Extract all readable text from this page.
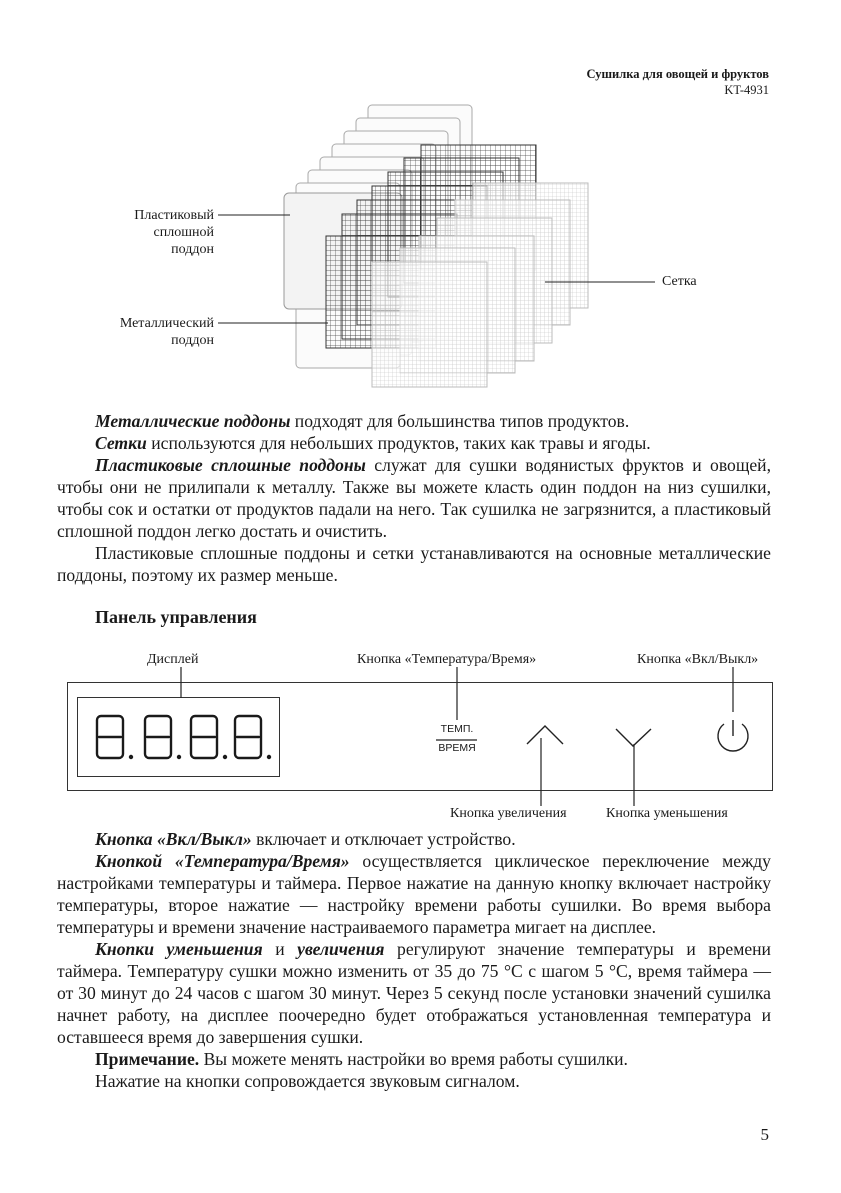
Сушилка для овощей и фруктов
KT-4931
Пластиковый
сплошной
поддон
Металлический
поддон
Сетка

Металлические поддоны подходят для большинства типов продуктов.

Сетки используются для небольших продуктов, таких как травы и ягоды.

Пластиковые сплошные поддоны служат для сушки водянистых фруктов и овощей, чтобы они не прилипали к металлу. Также вы можете класть один поддон на низ сушилки, чтобы сок и остатки от продуктов падали на него. Так сушилка не загрязнится, а пластиковый сплошной поддон легко достать и очистить.

Пластиковые сплошные поддоны и сетки устанавливаются на основные металлические поддоны, поэтому их размер меньше.

Панель управления
Дисплей	Кнопка «Температура/Время»	Кнопка «Вкл/Выкл»
Кнопка увеличения	Кнопка уменьшения
ТЕМП.
ВРЕМЯ

Кнопка «Вкл/Выкл» включает и отключает устройство.

Кнопкой «Температура/Время» осуществляется циклическое переключение между настройками температуры и таймера. Первое нажатие на данную кнопку включает настройку температуры, второе нажатие — настройку времени работы сушилки. Во время выбора температуры и времени значение настраиваемого параметра мигает на дисплее.

Кнопки уменьшения и увеличения регулируют значение температуры и времени таймера. Температуру сушки можно изменить от 35 до 75 °C с шагом 5 °C, время таймера — от 30 минут до 24 часов с шагом 30 минут. Через 5 секунд после установки значений сушилка начнет работу, на дисплее поочередно будет отображаться установленная температура и оставшееся время до завершения сушки.

Примечание. Вы можете менять настройки во время работы сушилки.

Нажатие на кнопки сопровождается звуковым сигналом.

5
